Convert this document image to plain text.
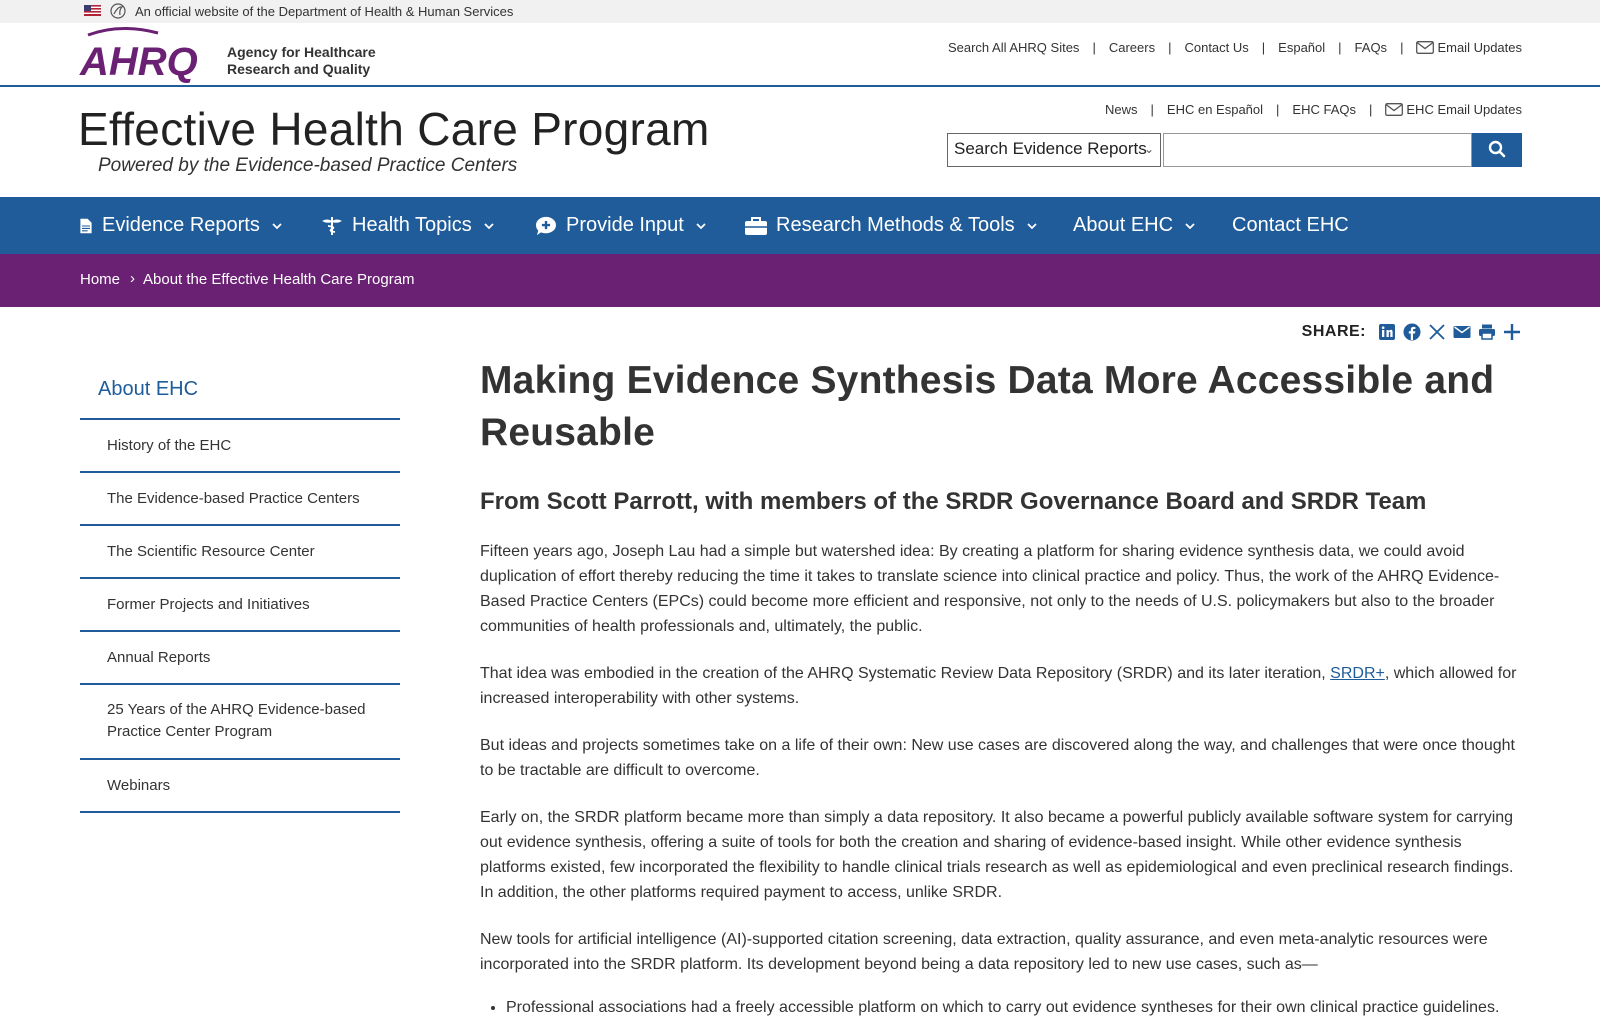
An official website of the Department of Health & Human Services
AHRQ Agency for Healthcare
Research and Quality
Search All AHRQ Sites | Careers | Contact Us | Español | FAQs |	Email Updates
Effective Health Care Program
Powered by the Evidence-based Practice Centers
News | EHC en Español | EHC FAQs |	EHC Email Updates
Search Evidence Reports
⌄
Evidence Reports	Health Topics	Provide Input	Research Methods & Tools	About EHC	Contact EHC
Home › About the Effective Health Care Program
SHARE:
About EHC
History of the EHC
The Evidence-based Practice Centers
The Scientific Resource Center
Former Projects and Initiatives
Annual Reports
25 Years of the AHRQ Evidence-based Practice Center Program
Webinars
Making Evidence Synthesis Data More Accessible and Reusable
From Scott Parrott, with members of the SRDR Governance Board and SRDR Team

Fifteen years ago, Joseph Lau had a simple but watershed idea: By creating a platform for sharing evidence synthesis data, we could avoid duplication of effort thereby reducing the time it takes to translate science into clinical practice and policy. Thus, the work of the AHRQ Evidence-Based Practice Centers (EPCs) could become more efficient and responsive, not only to the needs of U.S. policymakers but also to the broader communities of health professionals and, ultimately, the public.

That idea was embodied in the creation of the AHRQ Systematic Review Data Repository (SRDR) and its later iteration, SRDR+, which allowed for increased interoperability with other systems.

But ideas and projects sometimes take on a life of their own: New use cases are discovered along the way, and challenges that were once thought to be tractable are difficult to overcome.

Early on, the SRDR platform became more than simply a data repository. It also became a powerful publicly available software system for carrying out evidence synthesis, offering a suite of tools for both the creation and sharing of evidence-based insight. While other evidence synthesis platforms existed, few incorporated the flexibility to handle clinical trials research as well as epidemiological and even preclinical research findings. In addition, the other platforms required payment to access, unlike SRDR.

New tools for artificial intelligence (AI)-supported citation screening, data extraction, quality assurance, and even meta-analytic resources were incorporated into the SRDR platform. Its development beyond being a data repository led to new use cases, such as—

• Professional associations had a freely accessible platform on which to carry out evidence syntheses for their own clinical practice guidelines.
